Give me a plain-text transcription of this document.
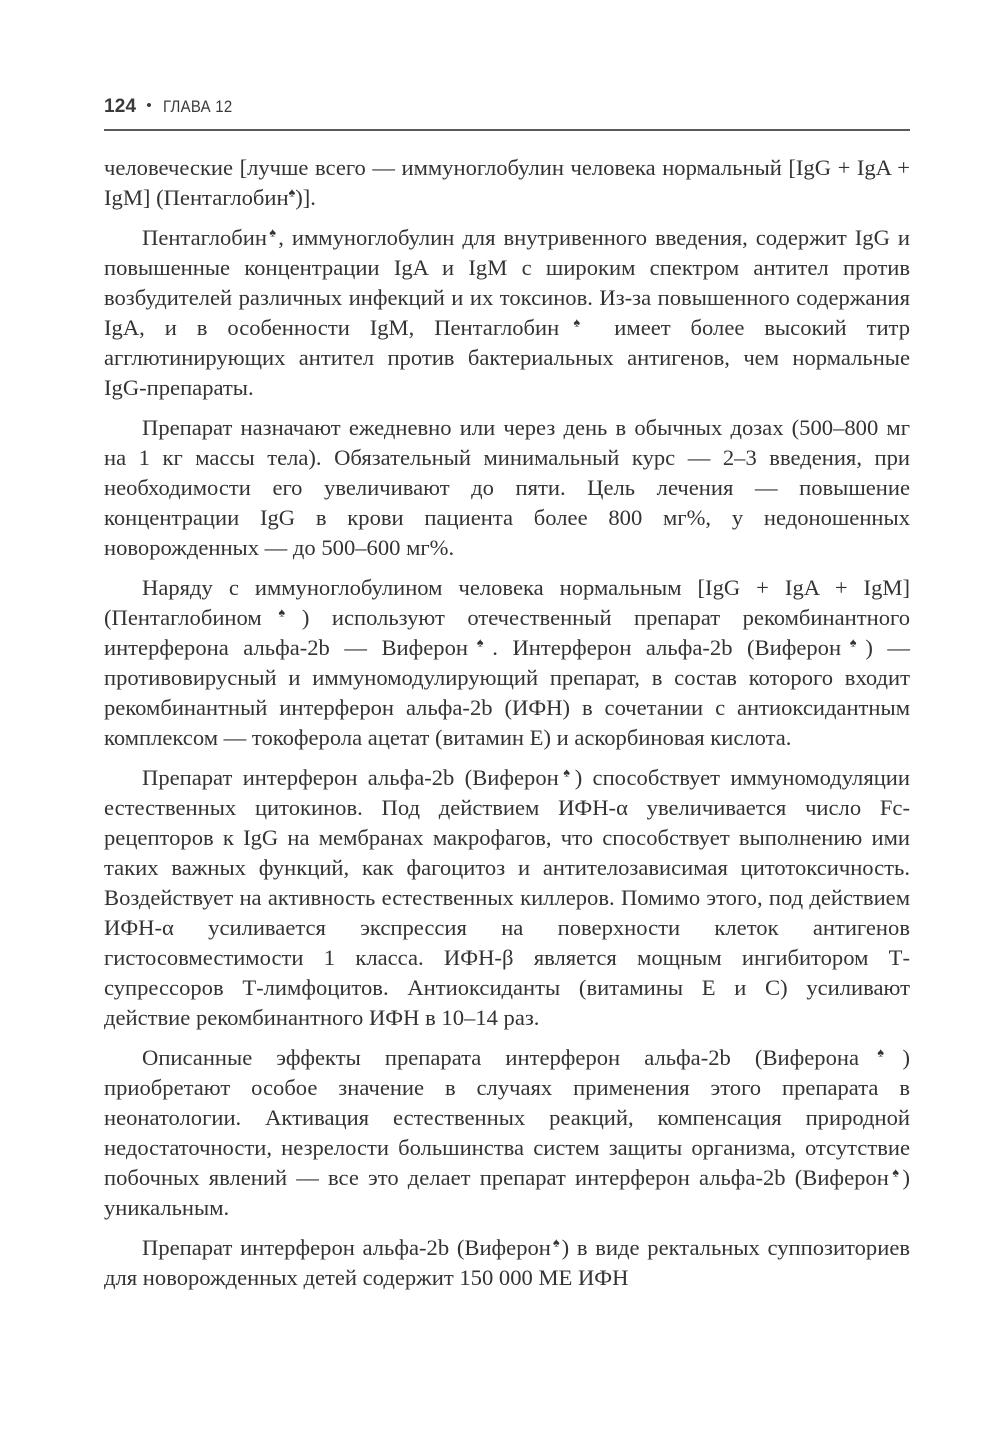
124 • ГЛАВА 12

человеческие [лучше всего — иммуноглобулин человека нормальный [IgG + IgA + IgM] (Пентаглобин♠)].

Пентаглобин♠, иммуноглобулин для внутривенного введения, содержит IgG и повышенные концентрации IgA и IgM с широким спектром антител против возбудителей различных инфекций и их токсинов. Из-за повышенного содержания IgA, и в особенности IgM, Пентаглобин♠ имеет более высокий титр агглютинирующих антител против бактериальных антигенов, чем нормальные IgG-препараты.

Препарат назначают ежедневно или через день в обычных дозах (500–800 мг на 1 кг массы тела). Обязательный минимальный курс — 2–3 введения, при необходимости его увеличивают до пяти. Цель лечения — повышение концентрации IgG в крови пациента более 800 мг%, у недоношенных новорожденных — до 500–600 мг%.

Наряду с иммуноглобулином человека нормальным [IgG + IgA + IgM] (Пентаглобином♠) используют отечественный препарат рекомбинантного интерферона альфа-2b — Виферон♠. Интерферон альфа-2b (Виферон♠) — противовирусный и иммуномодулирующий препарат, в состав которого входит рекомбинантный интерферон альфа-2b (ИФН) в сочетании с антиоксидантным комплексом — токоферола ацетат (витамин Е) и аскорбиновая кислота.

Препарат интерферон альфа-2b (Виферон♠) способствует иммуномодуляции естественных цитокинов. Под действием ИФН-α увеличивается число Fc-рецепторов к IgG на мембранах макрофагов, что способствует выполнению ими таких важных функций, как фагоцитоз и антителозависимая цитотоксичность. Воздействует на активность естественных киллеров. Помимо этого, под действием ИФН-α усиливается экспрессия на поверхности клеток антигенов гистосовместимости 1 класса. ИФН-β является мощным ингибитором Т-супрессоров Т-лимфоцитов. Антиоксиданты (витамины Е и С) усиливают действие рекомбинантного ИФН в 10–14 раз.

Описанные эффекты препарата интерферон альфа-2b (Виферона♠) приобретают особое значение в случаях применения этого препарата в неонатологии. Активация естественных реакций, компенсация природной недостаточности, незрелости большинства систем защиты организма, отсутствие побочных явлений — все это делает препарат интерферон альфа-2b (Виферон♠) уникальным.

Препарат интерферон альфа-2b (Виферон♠) в виде ректальных суппозиториев для новорожденных детей содержит 150 000 МЕ ИФН
